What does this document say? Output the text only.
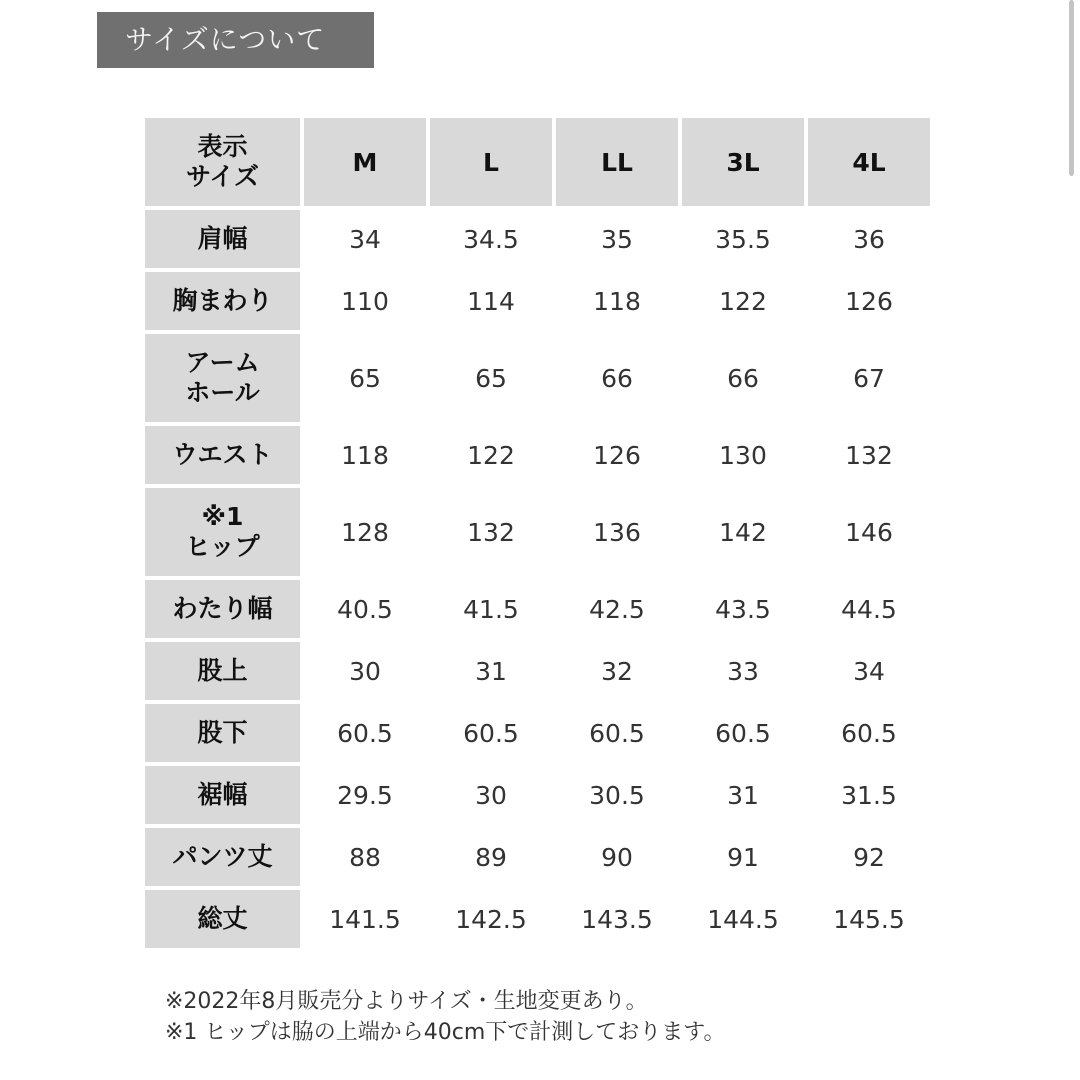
サイズについて
表示
サイズ	M	L	LL	3L	4L

肩幅	34	34.5	35	35.5	36

胸まわり	110	114	118	122	126

アーム
ホール	65	65	66	66	67

ウエスト	118	122	126	130	132

※1
ヒップ	128	132	136	142	146

わたり幅	40.5	41.5	42.5	43.5	44.5

股上	30	31	32	33	34

股下	60.5	60.5	60.5	60.5	60.5

裾幅	29.5	30	30.5	31	31.5

パンツ丈	88	89	90	91	92

総丈	141.5	142.5	143.5	144.5	145.5
※2022年8月販売分よりサイズ・生地変更あり。
※1 ヒップは脇の上端から40cm下で計測しております。
